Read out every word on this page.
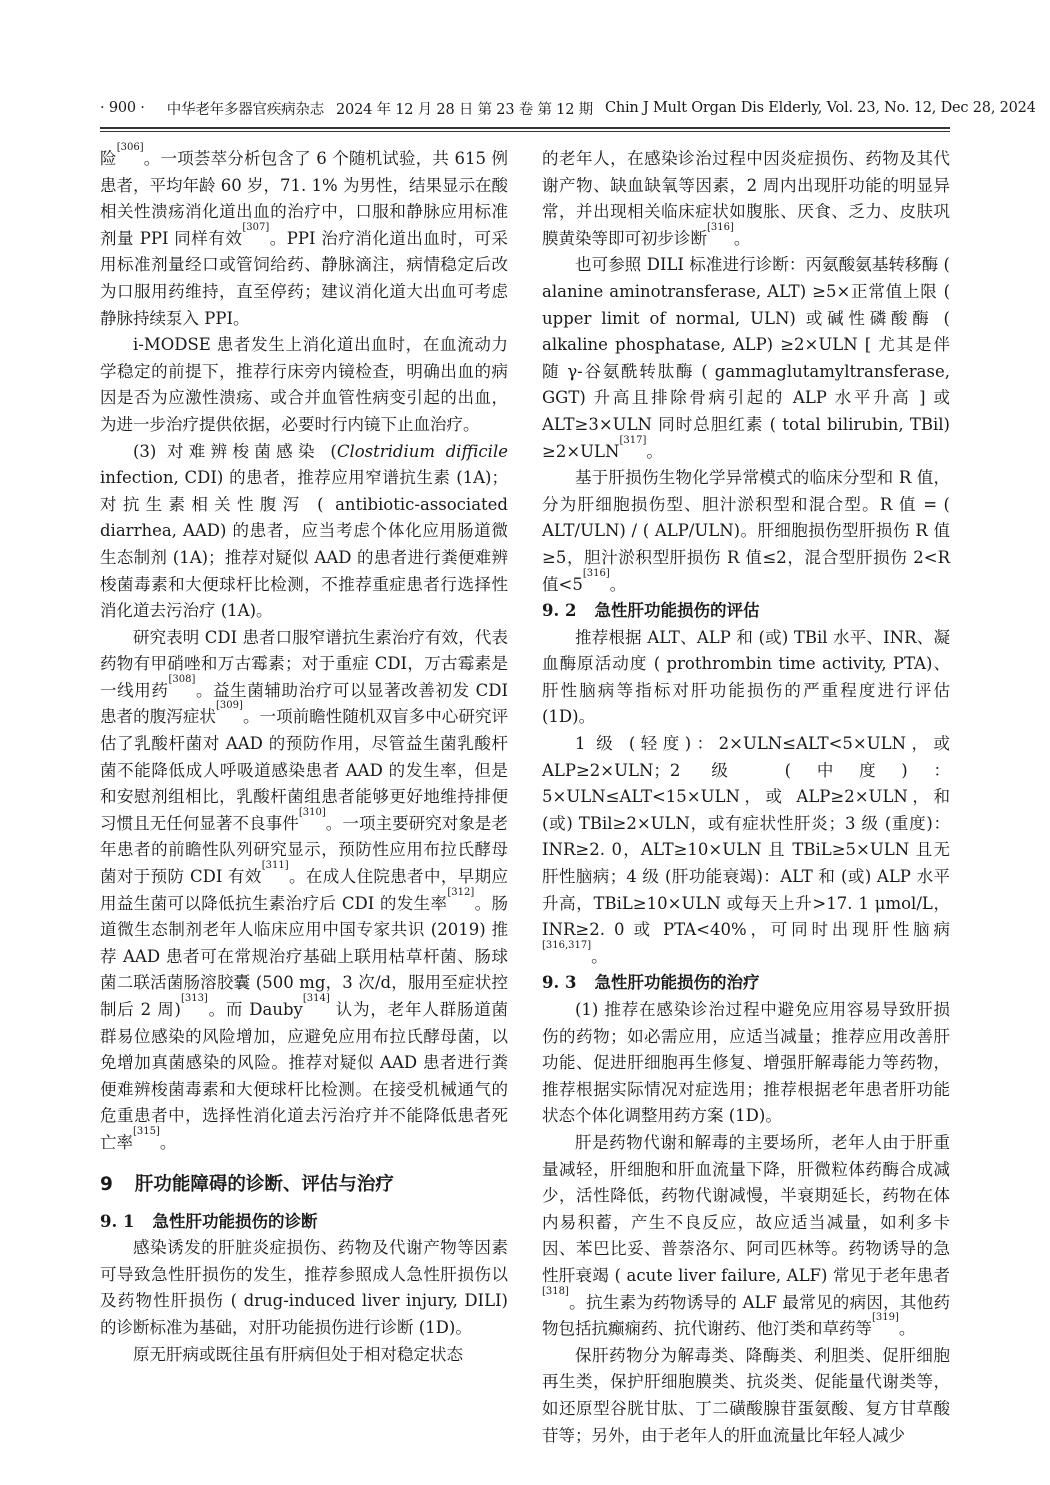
· 900 · 中华老年多器官疾病杂志 2024 年 12 月 28 日 第 23 卷 第 12 期 Chin J Mult Organ Dis Elderly, Vol. 23, No. 12, Dec 28, 2024

险[306]。一项荟萃分析包含了 6 个随机试验，共 615 例患者，平均年龄 60 岁，71. 1% 为男性，结果显示在酸相关性溃疡消化道出血的治疗中，口服和静脉应用标准剂量 PPI 同样有效[307]。PPI 治疗消化道出血时，可采用标准剂量经口或管饲给药、静脉滴注，病情稳定后改为口服用药维持，直至停药；建议消化道大出血可考虑静脉持续泵入 PPI。

i-MODSE 患者发生上消化道出血时，在血流动力学稳定的前提下，推荐行床旁内镜检查，明确出血的病因是否为应激性溃疡、或合并血管性病变引起的出血，为进一步治疗提供依据，必要时行内镜下止血治疗。

(3) 对难辨梭菌感染 (Clostridium difficile infection, CDI) 的患者，推荐应用窄谱抗生素 (1A)；对抗生素相关性腹泻 ( antibiotic-associated diarrhea, AAD) 的患者，应当考虑个体化应用肠道微生态制剂 (1A)；推荐对疑似 AAD 的患者进行粪便难辨梭菌毒素和大便球杆比检测，不推荐重症患者行选择性消化道去污治疗 (1A)。

研究表明 CDI 患者口服窄谱抗生素治疗有效，代表药物有甲硝唑和万古霉素；对于重症 CDI，万古霉素是一线用药[308]。益生菌辅助治疗可以显著改善初发 CDI 患者的腹泻症状[309]。一项前瞻性随机双盲多中心研究评估了乳酸杆菌对 AAD 的预防作用，尽管益生菌乳酸杆菌不能降低成人呼吸道感染患者 AAD 的发生率，但是和安慰剂组相比，乳酸杆菌组患者能够更好地维持排便习惯且无任何显著不良事件[310]。一项主要研究对象是老年患者的前瞻性队列研究显示，预防性应用布拉氏酵母菌对于预防 CDI 有效[311]。在成人住院患者中，早期应用益生菌可以降低抗生素治疗后 CDI 的发生率[312]。肠道微生态制剂老年人临床应用中国专家共识 (2019) 推荐 AAD 患者可在常规治疗基础上联用枯草杆菌、肠球菌二联活菌肠溶胶囊 (500 mg，3 次/d，服用至症状控制后 2 周)[313]。而 Dauby[314] 认为，老年人群肠道菌群易位感染的风险增加，应避免应用布拉氏酵母菌，以免增加真菌感染的风险。推荐对疑似 AAD 患者进行粪便难辨梭菌毒素和大便球杆比检测。在接受机械通气的危重患者中，选择性消化道去污治疗并不能降低患者死亡率[315]。

9 肝功能障碍的诊断、评估与治疗
9. 1 急性肝功能损伤的诊断

感染诱发的肝脏炎症损伤、药物及代谢产物等因素可导致急性肝损伤的发生，推荐参照成人急性肝损伤以及药物性肝损伤 ( drug-induced liver injury, DILI) 的诊断标准为基础，对肝功能损伤进行诊断 (1D)。

原无肝病或既往虽有肝病但处于相对稳定状态

的老年人，在感染诊治过程中因炎症损伤、药物及其代谢产物、缺血缺氧等因素，2 周内出现肝功能的明显异常，并出现相关临床症状如腹胀、厌食、乏力、皮肤巩膜黄染等即可初步诊断[316]。

也可参照 DILI 标准进行诊断：丙氨酸氨基转移酶 ( alanine aminotransferase, ALT) ≥5×正常值上限 ( upper limit of normal, ULN) 或碱性磷酸酶 ( alkaline phosphatase, ALP) ≥2×ULN [ 尤其是伴随 γ-谷氨酰转肽酶 ( gammaglutamyltransferase, GGT) 升高且排除骨病引起的 ALP 水平升高 ] 或 ALT≥3×ULN 同时总胆红素 ( total bilirubin, TBil) ≥2×ULN[317]。

基于肝损伤生物化学异常模式的临床分型和 R 值，分为肝细胞损伤型、胆汁淤积型和混合型。R 值 = ( ALT/ULN) / ( ALP/ULN)。肝细胞损伤型肝损伤 R 值≥5，胆汁淤积型肝损伤 R 值≤2，混合型肝损伤 2<R 值<5[316]。

9. 2 急性肝功能损伤的评估

推荐根据 ALT、ALP 和 (或) TBil 水平、INR、凝血酶原活动度 ( prothrombin time activity, PTA)、肝性脑病等指标对肝功能损伤的严重程度进行评估 (1D)。

1 级 (轻度)：2×ULN≤ALT<5×ULN，或 ALP≥2×ULN；2 级 (中度)：5×ULN≤ALT<15×ULN，或 ALP≥2×ULN，和 (或) TBil≥2×ULN，或有症状性肝炎；3 级 (重度)：INR≥2. 0，ALT≥10×ULN 且 TBiL≥5×ULN 且无肝性脑病；4 级 (肝功能衰竭)：ALT 和 (或) ALP 水平升高，TBiL≥10×ULN 或每天上升>17. 1 μmol/L，INR≥2. 0 或 PTA<40%，可同时出现肝性脑病[316,317]。

9. 3 急性肝功能损伤的治疗

(1) 推荐在感染诊治过程中避免应用容易导致肝损伤的药物；如必需应用，应适当减量；推荐应用改善肝功能、促进肝细胞再生修复、增强肝解毒能力等药物，推荐根据实际情况对症选用；推荐根据老年患者肝功能状态个体化调整用药方案 (1D)。

肝是药物代谢和解毒的主要场所，老年人由于肝重量减轻，肝细胞和肝血流量下降，肝微粒体药酶合成减少，活性降低，药物代谢减慢，半衰期延长，药物在体内易积蓄，产生不良反应，故应适当减量，如利多卡因、苯巴比妥、普萘洛尔、阿司匹林等。药物诱导的急性肝衰竭 ( acute liver failure, ALF) 常见于老年患者[318]。抗生素为药物诱导的 ALF 最常见的病因，其他药物包括抗癫痫药、抗代谢药、他汀类和草药等[319]。

保肝药物分为解毒类、降酶类、利胆类、促肝细胞再生类，保护肝细胞膜类、抗炎类、促能量代谢类等，如还原型谷胱甘肽、丁二磺酸腺苷蛋氨酸、复方甘草酸苷等；另外，由于老年人的肝血流量比年轻人减少
